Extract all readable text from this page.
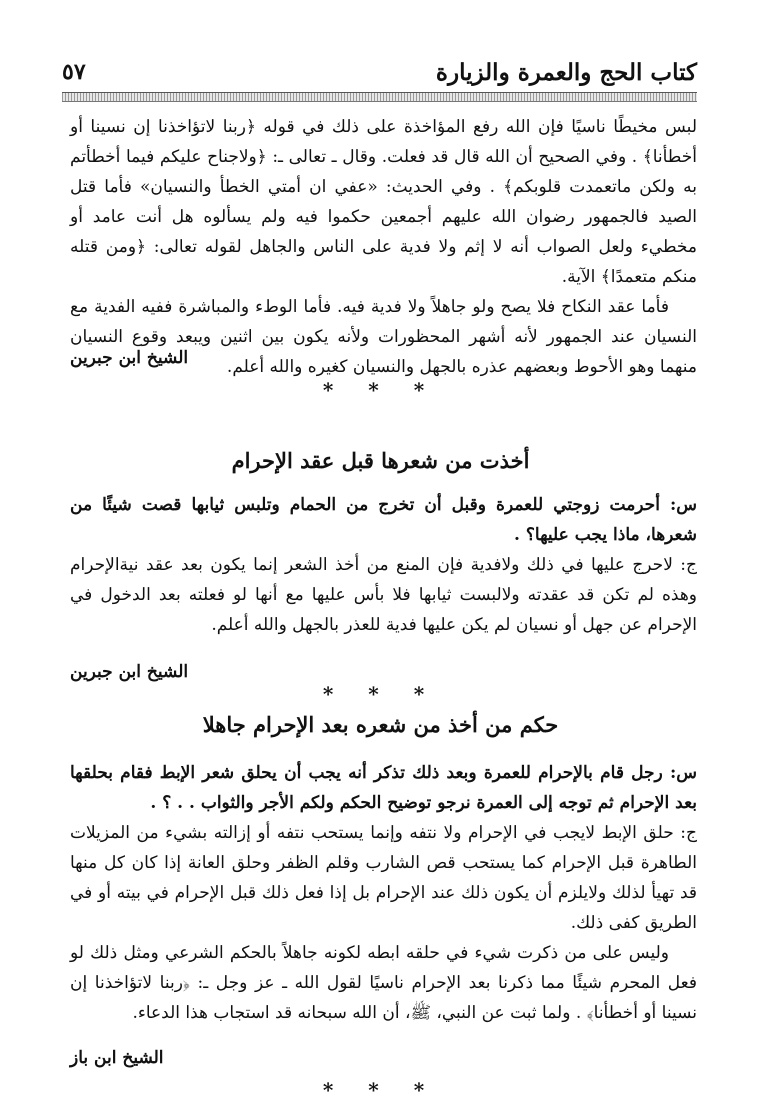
كتاب الحج والعمرة والزيارة
٥٧

لبس مخيطًا ناسيًا فإن الله رفع المؤاخذة على ذلك في قوله ﴿ربنا لاتؤاخذنا إن نسينا أو أخطأنا﴾ . وفي الصحيح أن الله قال قد فعلت. وقال ـ تعالى ـ: ﴿ولاجناح عليكم فيما أخطأتم به ولكن ماتعمدت قلوبكم﴾ . وفي الحديث: «عفي ان أمتي الخطأ والنسيان» فأما قتل الصيد فالجمهور رضوان الله عليهم أجمعين حكموا فيه ولم يسألوه هل أنت عامد أو مخطيء ولعل الصواب أنه لا إثم ولا فدية على الناس والجاهل لقوله تعالى: ﴿ومن قتله منكم متعمدًا﴾ الآية.

فأما عقد النكاح فلا يصح ولو جاهلاً ولا فدية فيه. فأما الوطء والمباشرة ففيه الفدية مع النسيان عند الجمهور لأنه أشهر المحظورات ولأنه يكون بين اثنين ويبعد وقوع النسيان منهما وهو الأحوط وبعضهم عذره بالجهل والنسيان كغيره والله أعلم.

الشيخ ابن جبرين
* * *
أخذت من شعرها قبل عقد الإحرام

س: أحرمت زوجتي للعمرة وقبل أن تخرج من الحمام وتلبس ثيابها قصت شيئًا من شعرها، ماذا يجب عليها؟ .

ج: لاحرج عليها في ذلك ولافدية فإن المنع من أخذ الشعر إنما يكون بعد عقد نيةالإحرام وهذه لم تكن قد عقدته ولالبست ثيابها فلا بأس عليها مع أنها لو فعلته بعد الدخول في الإحرام عن جهل أو نسيان لم يكن عليها فدية للعذر بالجهل والله أعلم.

الشيخ ابن جبرين
* * *
حكم من أخذ من شعره بعد الإحرام جاهلا

س: رجل قام بالإحرام للعمرة وبعد ذلك تذكر أنه يجب أن يحلق شعر الإبط فقام بحلقها بعد الإحرام ثم توجه إلى العمرة نرجو توضيح الحكم ولكم الأجر والثواب . . ؟ .

ج: حلق الإبط لايجب في الإحرام ولا نتفه وإنما يستحب نتفه أو إزالته بشيء من المزيلات الطاهرة قبل الإحرام كما يستحب قص الشارب وقلم الظفر وحلق العانة إذا كان كل منها قد تهيأ لذلك ولايلزم أن يكون ذلك عند الإحرام بل إذا فعل ذلك قبل الإحرام في بيته أو في الطريق كفى ذلك.

وليس على من ذكرت شيء في حلقه ابطه لكونه جاهلاً بالحكم الشرعي ومثل ذلك لو فعل المحرم شيئًا مما ذكرنا بعد الإحرام ناسيًا لقول الله ـ عز وجل ـ: ﴿ربنا لاتؤاخذنا إن نسينا أو أخطأنا﴾ . ولما ثبت عن النبي، ﷺ، أن الله سبحانه قد استجاب هذا الدعاء.

الشيخ ابن باز
* * *
